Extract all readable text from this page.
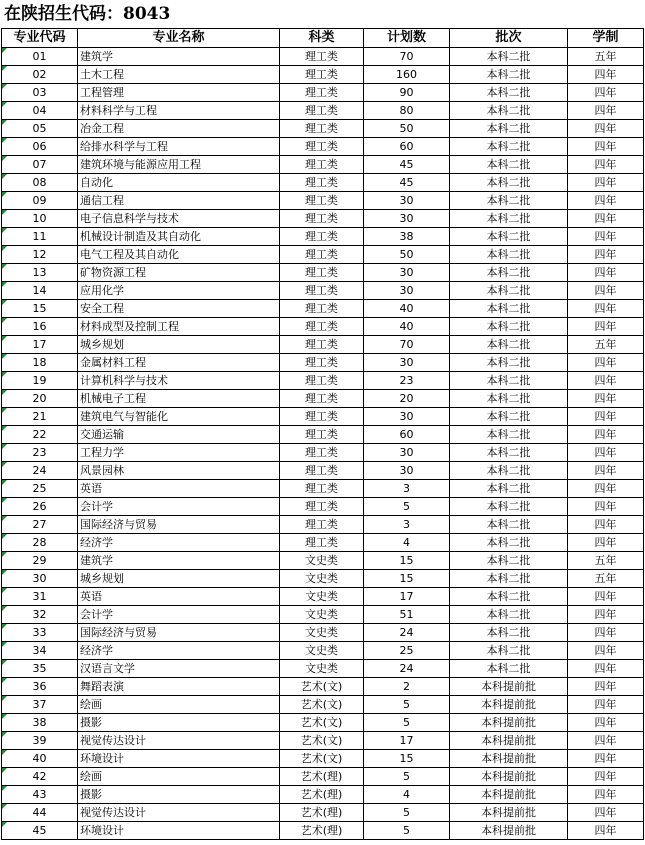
在陕招生代码：8043
专业代码	专业名称	科类	计划数	批次	学制
01	建筑学	理工类	70	本科二批	五年
02	土木工程	理工类	160	本科二批	四年
03	工程管理	理工类	90	本科二批	四年
04	材料科学与工程	理工类	80	本科二批	四年
05	冶金工程	理工类	50	本科二批	四年
06	给排水科学与工程	理工类	60	本科二批	四年
07	建筑环境与能源应用工程	理工类	45	本科二批	四年
08	自动化	理工类	45	本科二批	四年
09	通信工程	理工类	30	本科二批	四年
10	电子信息科学与技术	理工类	30	本科二批	四年
11	机械设计制造及其自动化	理工类	38	本科二批	四年
12	电气工程及其自动化	理工类	50	本科二批	四年
13	矿物资源工程	理工类	30	本科二批	四年
14	应用化学	理工类	30	本科二批	四年
15	安全工程	理工类	40	本科二批	四年
16	材料成型及控制工程	理工类	40	本科二批	四年
17	城乡规划	理工类	70	本科二批	五年
18	金属材料工程	理工类	30	本科二批	四年
19	计算机科学与技术	理工类	23	本科二批	四年
20	机械电子工程	理工类	20	本科二批	四年
21	建筑电气与智能化	理工类	30	本科二批	四年
22	交通运输	理工类	60	本科二批	四年
23	工程力学	理工类	30	本科二批	四年
24	风景园林	理工类	30	本科二批	四年
25	英语	理工类	3	本科二批	四年
26	会计学	理工类	5	本科二批	四年
27	国际经济与贸易	理工类	3	本科二批	四年
28	经济学	理工类	4	本科二批	四年
29	建筑学	文史类	15	本科二批	五年
30	城乡规划	文史类	15	本科二批	五年
31	英语	文史类	17	本科二批	四年
32	会计学	文史类	51	本科二批	四年
33	国际经济与贸易	文史类	24	本科二批	四年
34	经济学	文史类	25	本科二批	四年
35	汉语言文学	文史类	24	本科二批	四年
36	舞蹈表演	艺术(文)	2	本科提前批	四年
37	绘画	艺术(文)	5	本科提前批	四年
38	摄影	艺术(文)	5	本科提前批	四年
39	视觉传达设计	艺术(文)	17	本科提前批	四年
40	环境设计	艺术(文)	15	本科提前批	四年
42	绘画	艺术(理)	5	本科提前批	四年
43	摄影	艺术(理)	4	本科提前批	四年
44	视觉传达设计	艺术(理)	5	本科提前批	四年
45	环境设计	艺术(理)	5	本科提前批	四年
